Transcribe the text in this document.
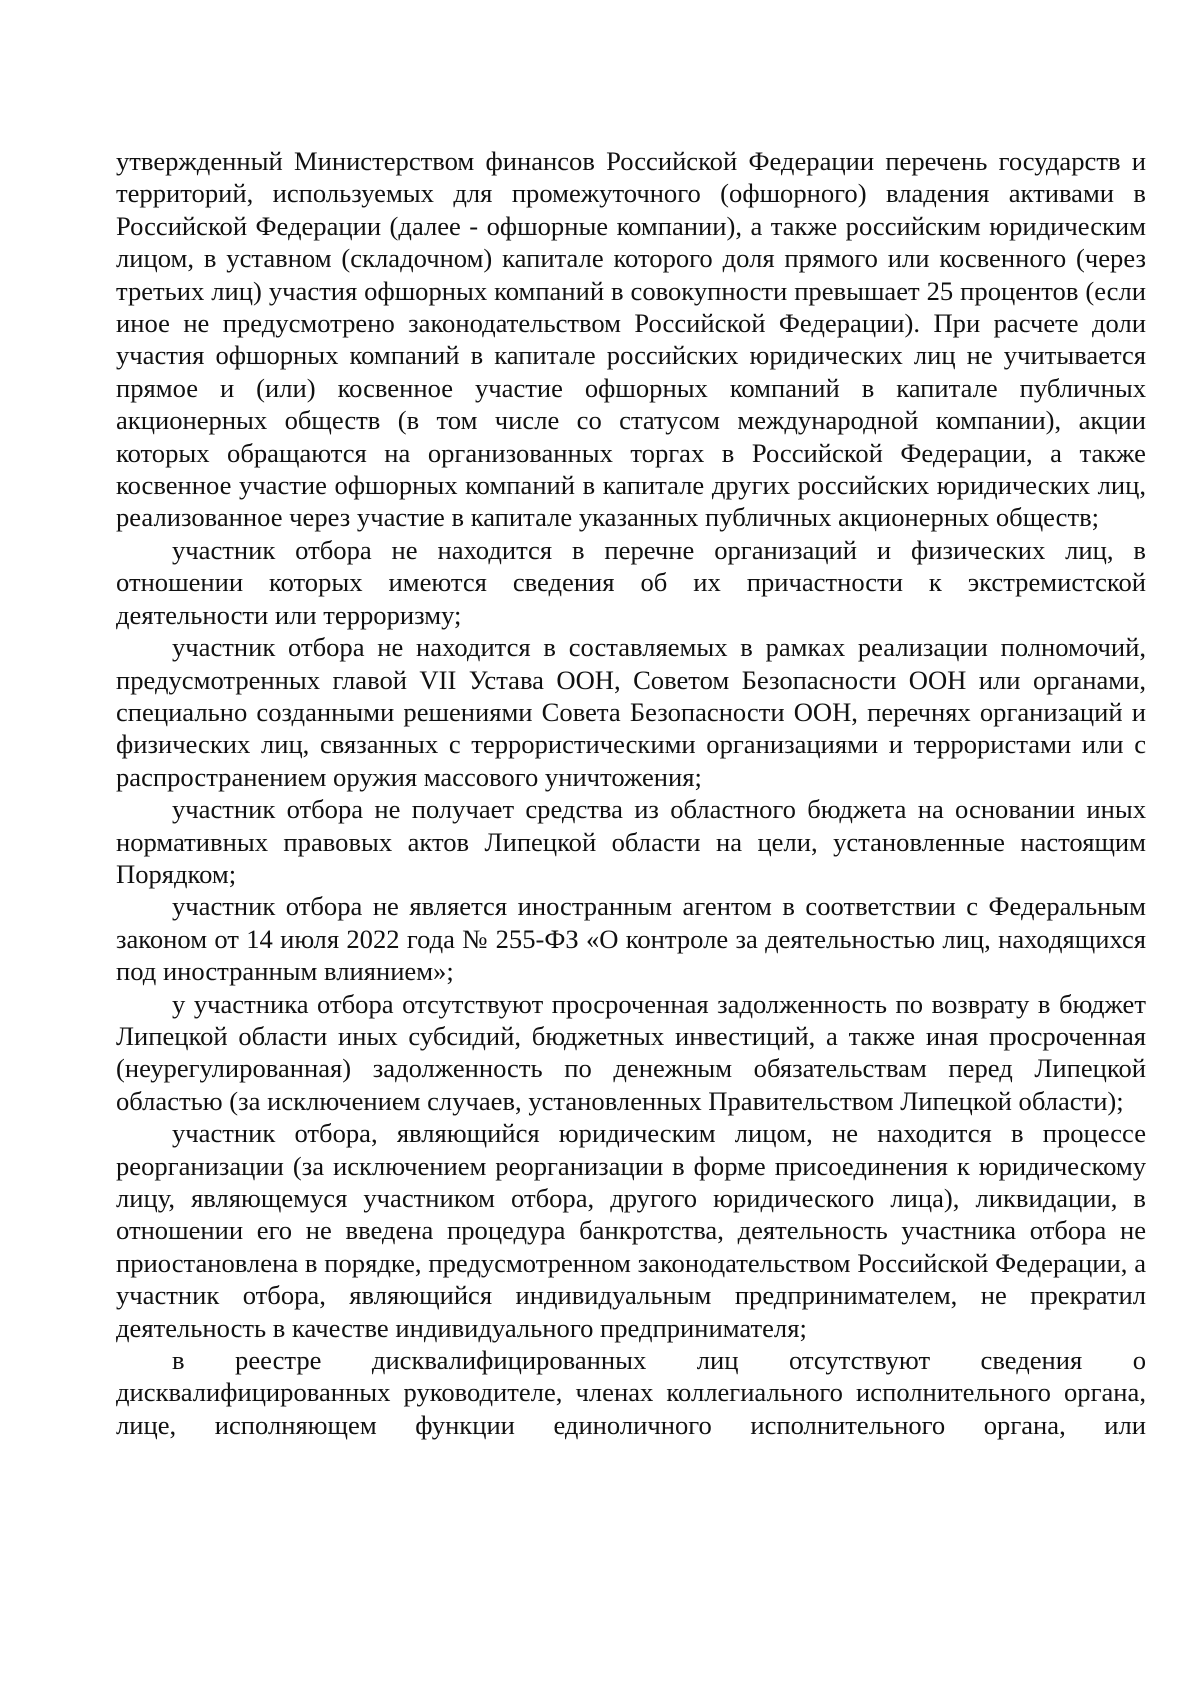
утвержденный Министерством финансов Российской Федерации перечень государств и территорий, используемых для промежуточного (офшорного) владения активами в Российской Федерации (далее - офшорные компании), а также российским юридическим лицом, в уставном (складочном) капитале которого доля прямого или косвенного (через третьих лиц) участия офшорных компаний в совокупности превышает 25 процентов (если иное не предусмотрено законодательством Российской Федерации). При расчете доли участия офшорных компаний в капитале российских юридических лиц не учитывается прямое и (или) косвенное участие офшорных компаний в капитале публичных акционерных обществ (в том числе со статусом международной компании), акции которых обращаются на организованных торгах в Российской Федерации, а также косвенное участие офшорных компаний в капитале других российских юридических лиц, реализованное через участие в капитале указанных публичных акционерных обществ;

участник отбора не находится в перечне организаций и физических лиц, в отношении которых имеются сведения об их причастности к экстремистской деятельности или терроризму;

участник отбора не находится в составляемых в рамках реализации полномочий, предусмотренных главой VII Устава ООН, Советом Безопасности ООН или органами, специально созданными решениями Совета Безопасности ООН, перечнях организаций и физических лиц, связанных с террористическими организациями и террористами или с распространением оружия массового уничтожения;

участник отбора не получает средства из областного бюджета на основании иных нормативных правовых актов Липецкой области на цели, установленные настоящим Порядком;

участник отбора не является иностранным агентом в соответствии с Федеральным законом от 14 июля 2022 года № 255-ФЗ «О контроле за деятельностью лиц, находящихся под иностранным влиянием»;

у участника отбора отсутствуют просроченная задолженность по возврату в бюджет Липецкой области иных субсидий, бюджетных инвестиций, а также иная просроченная (неурегулированная) задолженность по денежным обязательствам перед Липецкой областью (за исключением случаев, установленных Правительством Липецкой области);

участник отбора, являющийся юридическим лицом, не находится в процессе реорганизации (за исключением реорганизации в форме присоединения к юридическому лицу, являющемуся участником отбора, другого юридического лица), ликвидации, в отношении его не введена процедура банкротства, деятельность участника отбора не приостановлена в порядке, предусмотренном законодательством Российской Федерации, а участник отбора, являющийся индивидуальным предпринимателем, не прекратил деятельность в качестве индивидуального предпринимателя;

в реестре дисквалифицированных лиц отсутствуют сведения о дисквалифицированных руководителе, членах коллегиального исполнительного органа, лице, исполняющем функции единоличного исполнительного органа, или
